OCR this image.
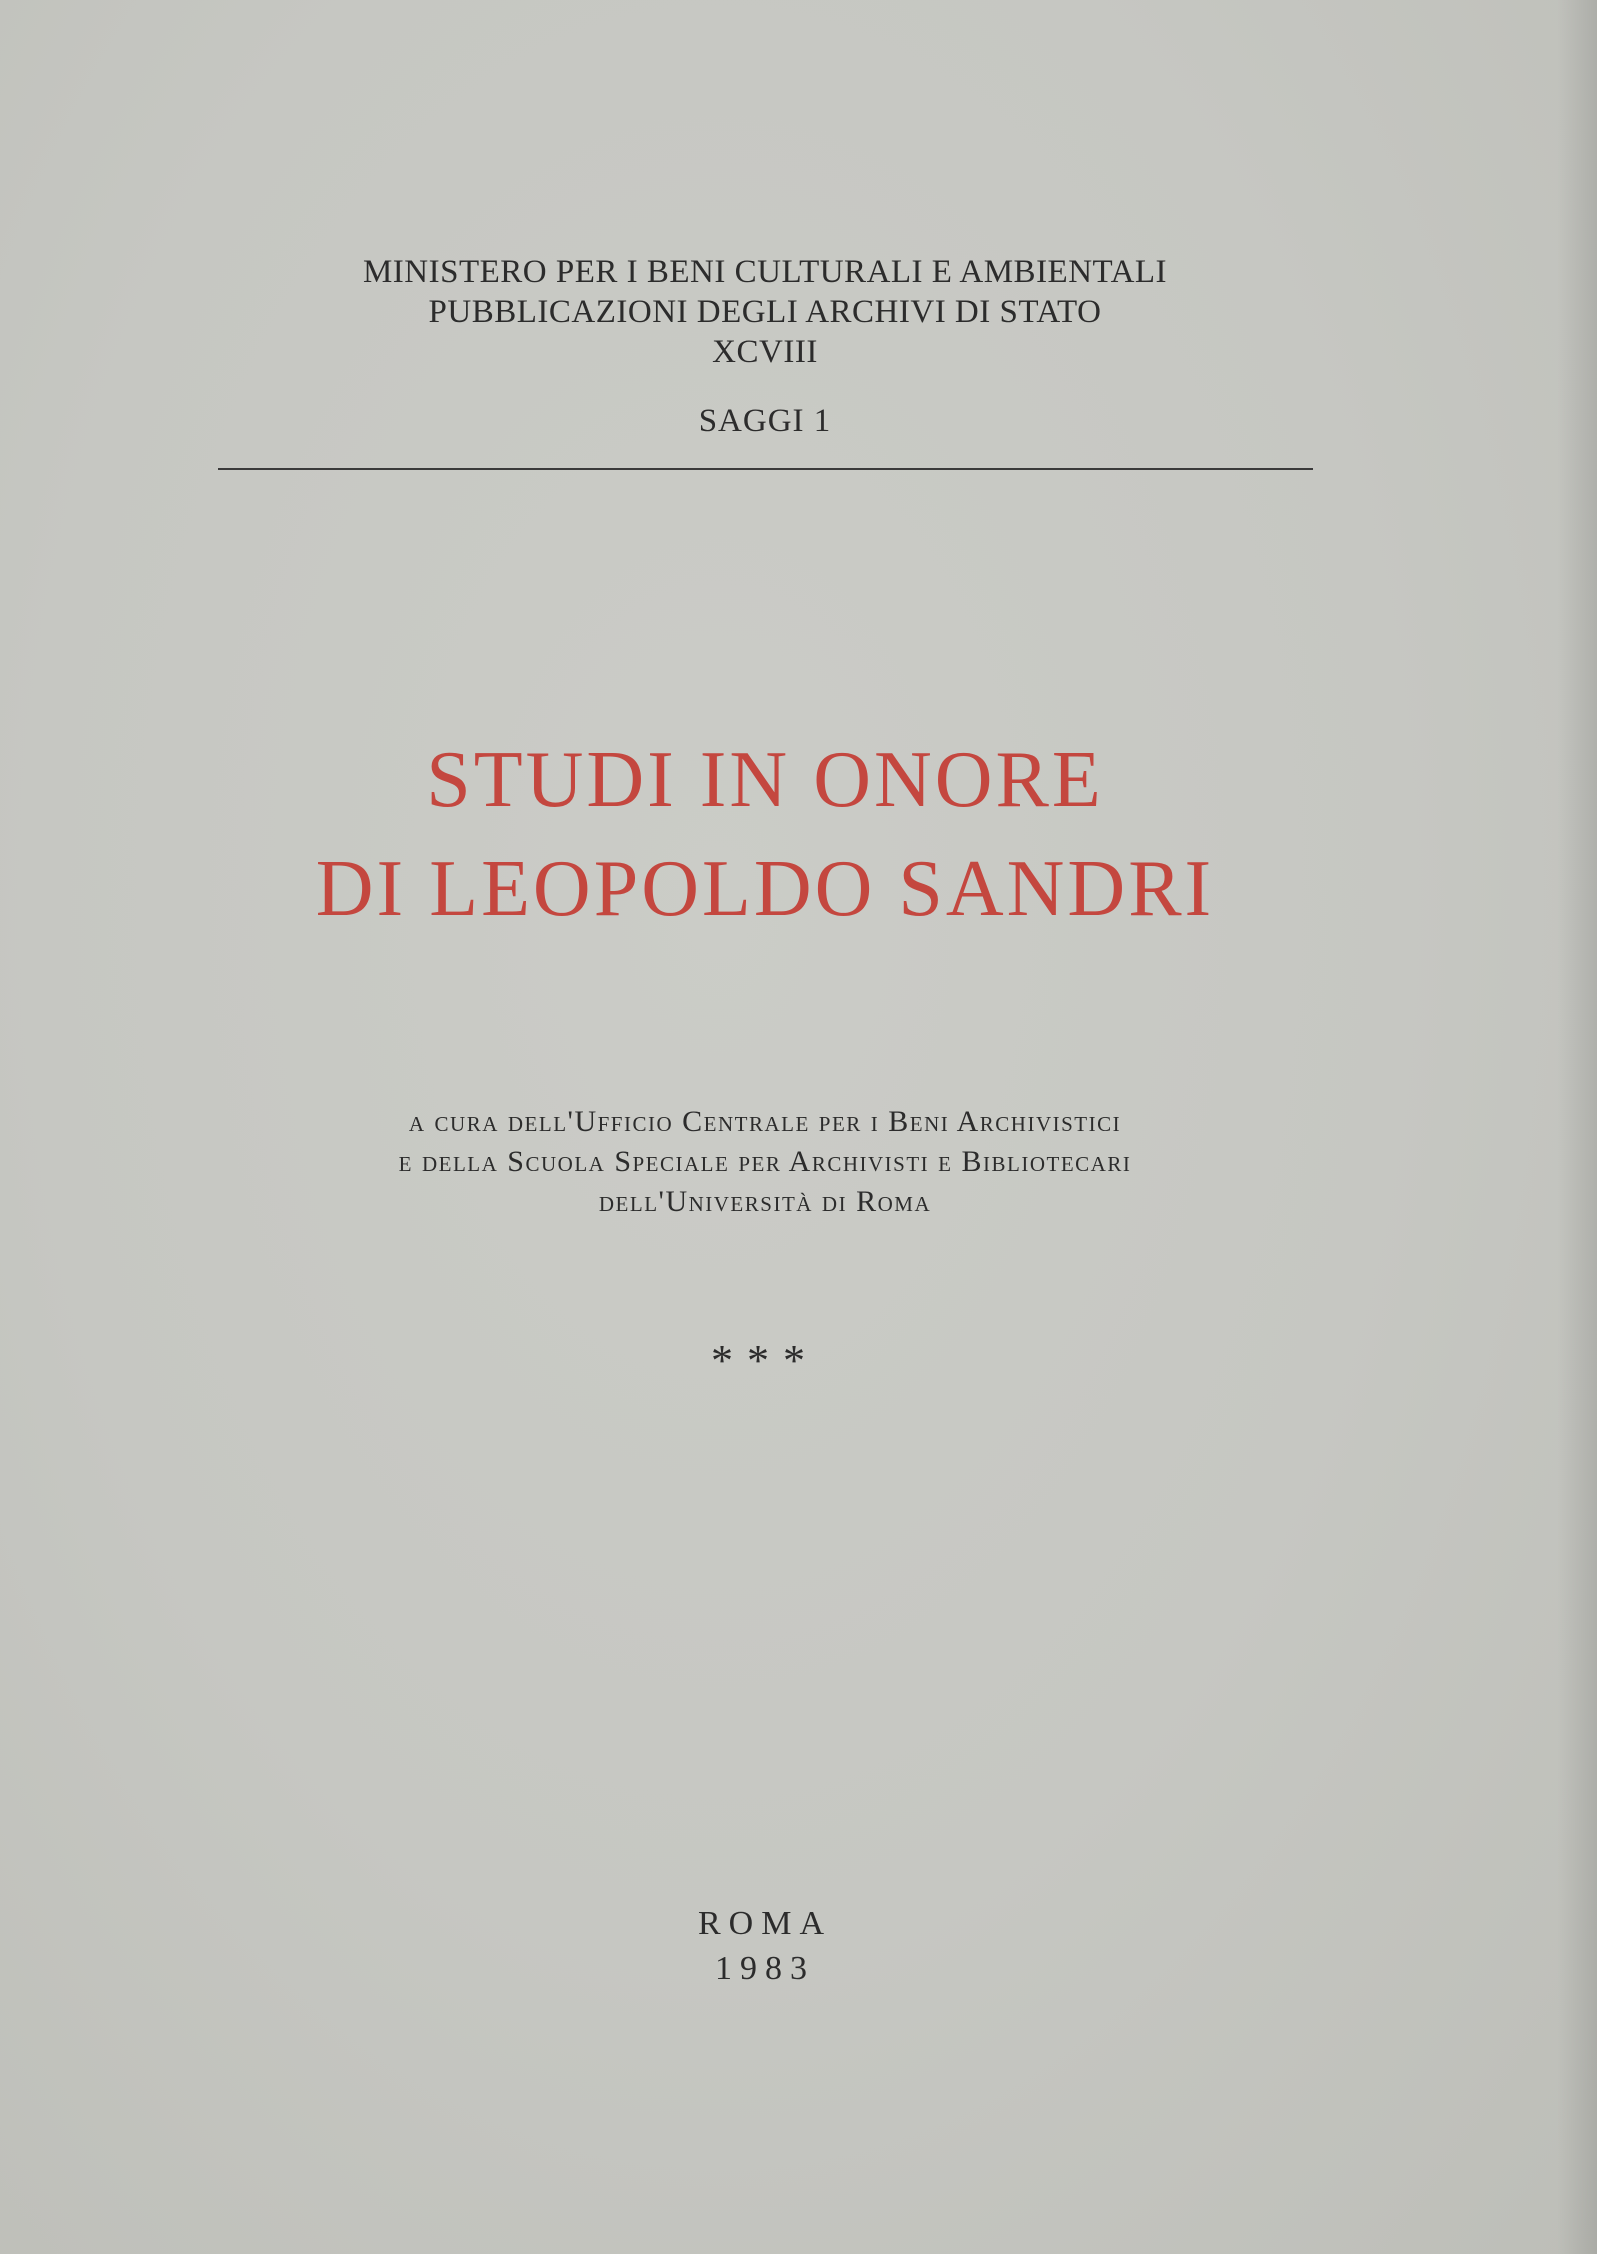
MINISTERO PER I BENI CULTURALI E AMBIENTALI
PUBBLICAZIONI DEGLI ARCHIVI DI STATO
XCVIII
SAGGI 1
STUDI IN ONORE
DI LEOPOLDO SANDRI
a cura dell'Ufficio Centrale per i Beni Archivistici
e della Scuola Speciale per Archivisti e Bibliotecari
dell'Università di Roma
***
ROMA
1983
